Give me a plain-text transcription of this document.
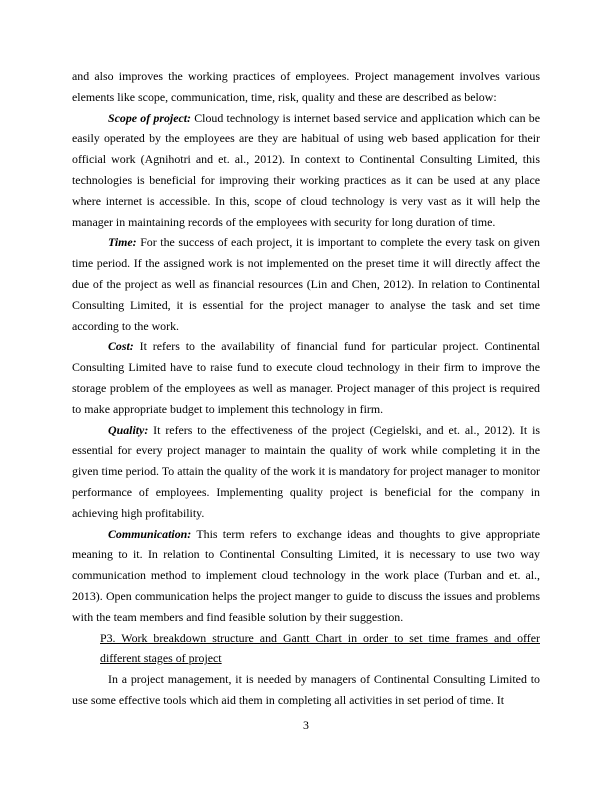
and also improves the working practices of employees. Project management involves various elements like scope, communication, time, risk, quality and these are described as below:

Scope of project: Cloud technology is internet based service and application which can be easily operated by the employees are they are habitual of using web based application for their official work (Agnihotri and et. al., 2012). In context to Continental Consulting Limited, this technologies is beneficial for improving their working practices as it can be used at any place where internet is accessible. In this, scope of cloud technology is very vast as it will help the manager in maintaining records of the employees with security for long duration of time.

Time: For the success of each project, it is important to complete the every task on given time period. If the assigned work is not implemented on the preset time it will directly affect the due of the project as well as financial resources (Lin and Chen, 2012). In relation to Continental Consulting Limited, it is essential for the project manager to analyse the task and set time according to the work.

Cost: It refers to the availability of financial fund for particular project. Continental Consulting Limited have to raise fund to execute cloud technology in their firm to improve the storage problem of the employees as well as manager. Project manager of this project is required to make appropriate budget to implement this technology in firm.

Quality: It refers to the effectiveness of the project (Cegielski, and et. al., 2012). It is essential for every project manager to maintain the quality of work while completing it in the given time period. To attain the quality of the work it is mandatory for project manager to monitor performance of employees. Implementing quality project is beneficial for the company in achieving high profitability.

Communication: This term refers to exchange ideas and thoughts to give appropriate meaning to it. In relation to Continental Consulting Limited, it is necessary to use two way communication method to implement cloud technology in the work place (Turban and et. al., 2013). Open communication helps the project manger to guide to discuss the issues and problems with the team members and find feasible solution by their suggestion.

P3. Work breakdown structure and Gantt Chart in order to set time frames and offer different stages of project

In a project management, it is needed by managers of Continental Consulting Limited to use some effective tools which aid them in completing all activities in set period of time. It

3
